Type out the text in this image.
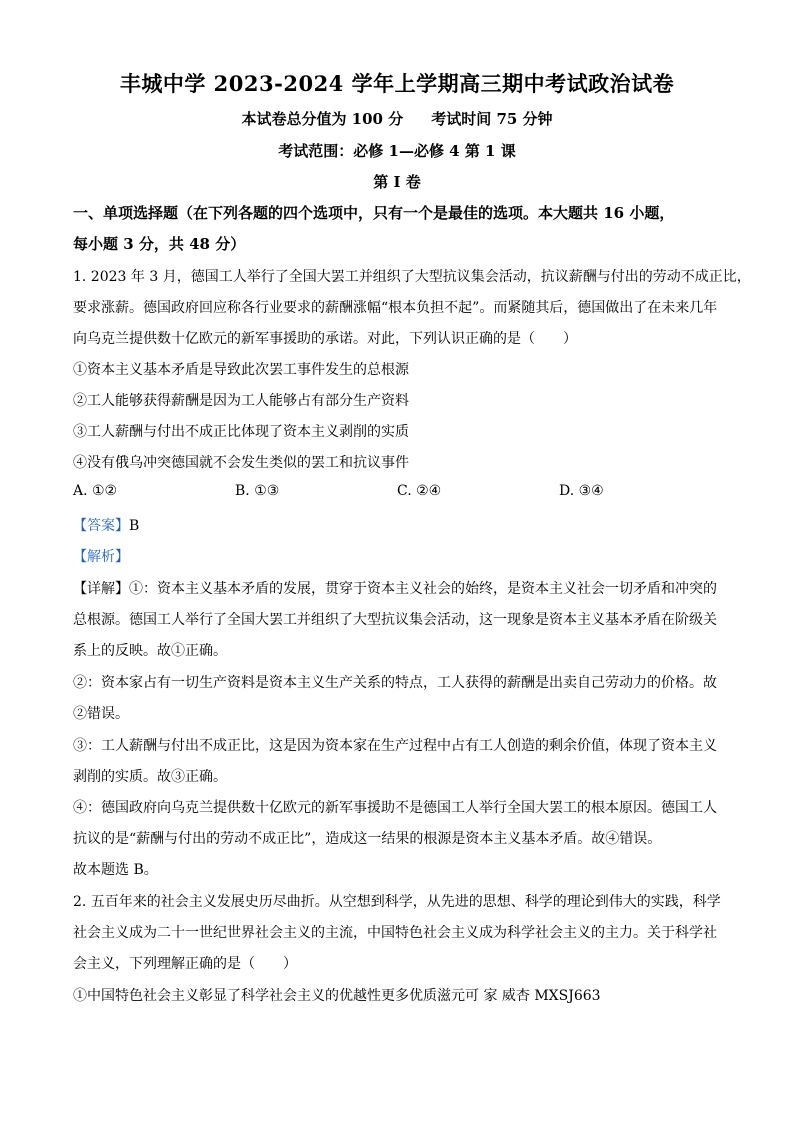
丰城中学 2023-2024 学年上学期高三期中考试政治试卷
本试卷总分值为 100 分 考试时间 75 分钟
考试范围：必修 1—必修 4 第 1 课
第 I 卷
一、单项选择题（在下列各题的四个选项中，只有一个是最佳的选项。本大题共 16 小题，
每小题 3 分，共 48 分）
1. 2023 年 3 月，德国工人举行了全国大罢工并组织了大型抗议集会活动，抗议薪酬与付出的劳动不成正比，
要求涨薪。德国政府回应称各行业要求的薪酬涨幅“根本负担不起”。而紧随其后，德国做出了在未来几年
向乌克兰提供数十亿欧元的新军事援助的承诺。对此，下列认识正确的是（　　）
①资本主义基本矛盾是导致此次罢工事件发生的总根源
②工人能够获得薪酬是因为工人能够占有部分生产资料
③工人薪酬与付出不成正比体现了资本主义剥削的实质
④没有俄乌冲突德国就不会发生类似的罢工和抗议事件
A. ①②	B. ①③	C. ②④	D. ③④
【答案】B
【解析】
【详解】①：资本主义基本矛盾的发展，贯穿于资本主义社会的始终，是资本主义社会一切矛盾和冲突的
总根源。德国工人举行了全国大罢工并组织了大型抗议集会活动，这一现象是资本主义基本矛盾在阶级关
系上的反映。故①正确。
②：资本家占有一切生产资料是资本主义生产关系的特点，工人获得的薪酬是出卖自己劳动力的价格。故
②错误。
③：工人薪酬与付出不成正比，这是因为资本家在生产过程中占有工人创造的剩余价值，体现了资本主义
剥削的实质。故③正确。
④：德国政府向乌克兰提供数十亿欧元的新军事援助不是德国工人举行全国大罢工的根本原因。德国工人
抗议的是“薪酬与付出的劳动不成正比”，造成这一结果的根源是资本主义基本矛盾。故④错误。
故本题选 B。
2. 五百年来的社会主义发展史历尽曲折。从空想到科学，从先进的思想、科学的理论到伟大的实践，科学
社会主义成为二十一世纪世界社会主义的主流，中国特色社会主义成为科学社会主义的主力。关于科学社
会主义，下列理解正确的是（　　）
①中国特色社会主义彰显了科学社会主义的优越性更多优质滋元可 家 威杏 MXSJ663
